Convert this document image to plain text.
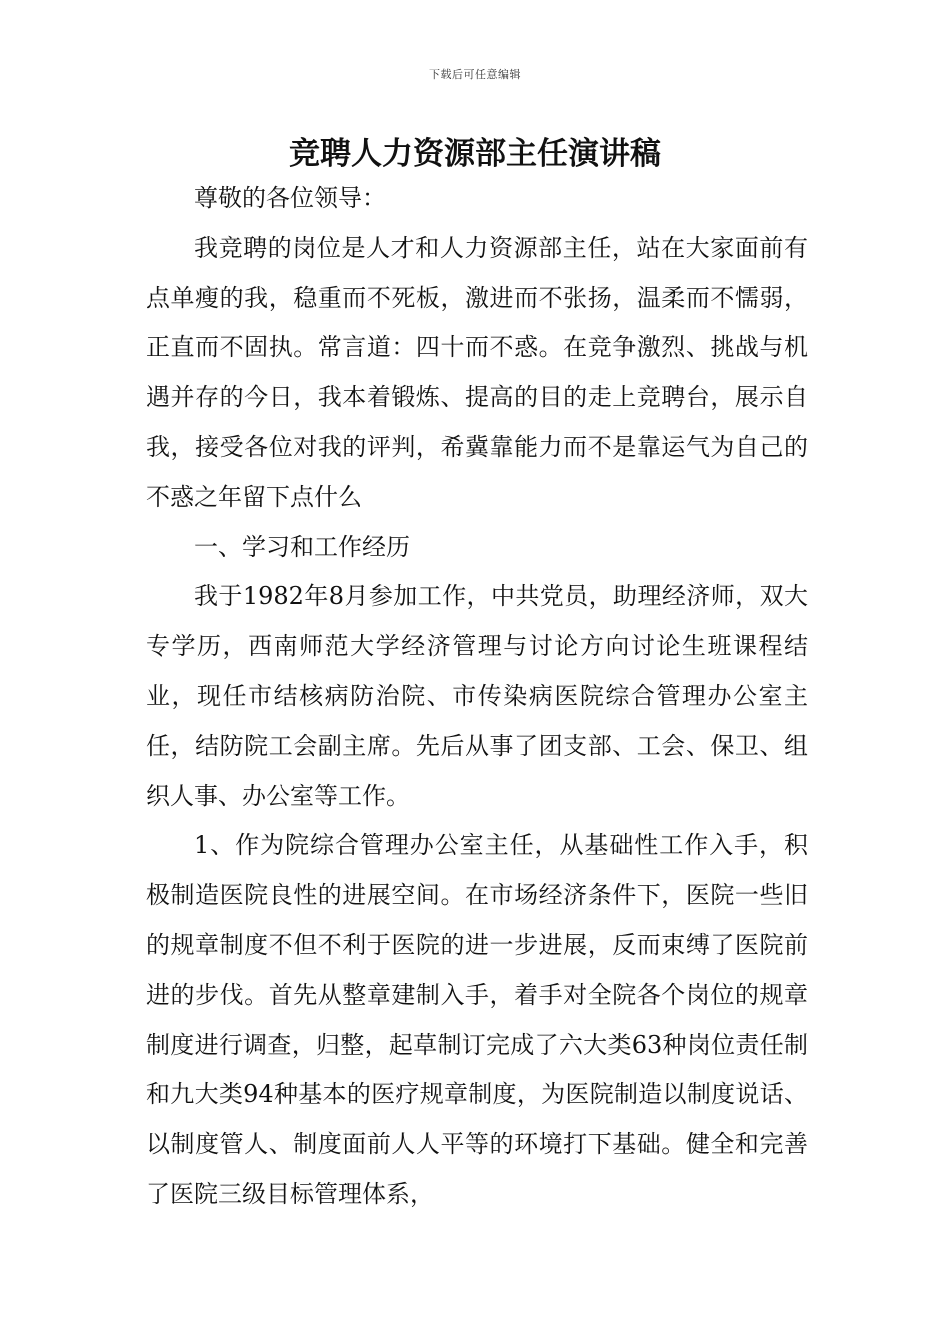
下载后可任意编辑
竞聘人力资源部主任演讲稿

尊敬的各位领导：

我竞聘的岗位是人才和人力资源部主任，站在大家面前有点单瘦的我，稳重而不死板，激进而不张扬，温柔而不懦弱，正直而不固执。常言道：四十而不惑。在竞争激烈、挑战与机遇并存的今日，我本着锻炼、提高的目的走上竞聘台，展示自我，接受各位对我的评判，希冀靠能力而不是靠运气为自己的不惑之年留下点什么

一、学习和工作经历

我于1982年8月参加工作，中共党员，助理经济师，双大专学历，西南师范大学经济管理与讨论方向讨论生班课程结业，现任市结核病防治院、市传染病医院综合管理办公室主任，结防院工会副主席。先后从事了团支部、工会、保卫、组织人事、办公室等工作。

1、作为院综合管理办公室主任，从基础性工作入手，积极制造医院良性的进展空间。在市场经济条件下，医院一些旧的规章制度不但不利于医院的进一步进展，反而束缚了医院前进的步伐。首先从整章建制入手，着手对全院各个岗位的规章制度进行调查，归整，起草制订完成了六大类63种岗位责任制和九大类94种基本的医疗规章制度，为医院制造以制度说话、以制度管人、制度面前人人平等的环境打下基础。健全和完善了医院三级目标管理体系，
